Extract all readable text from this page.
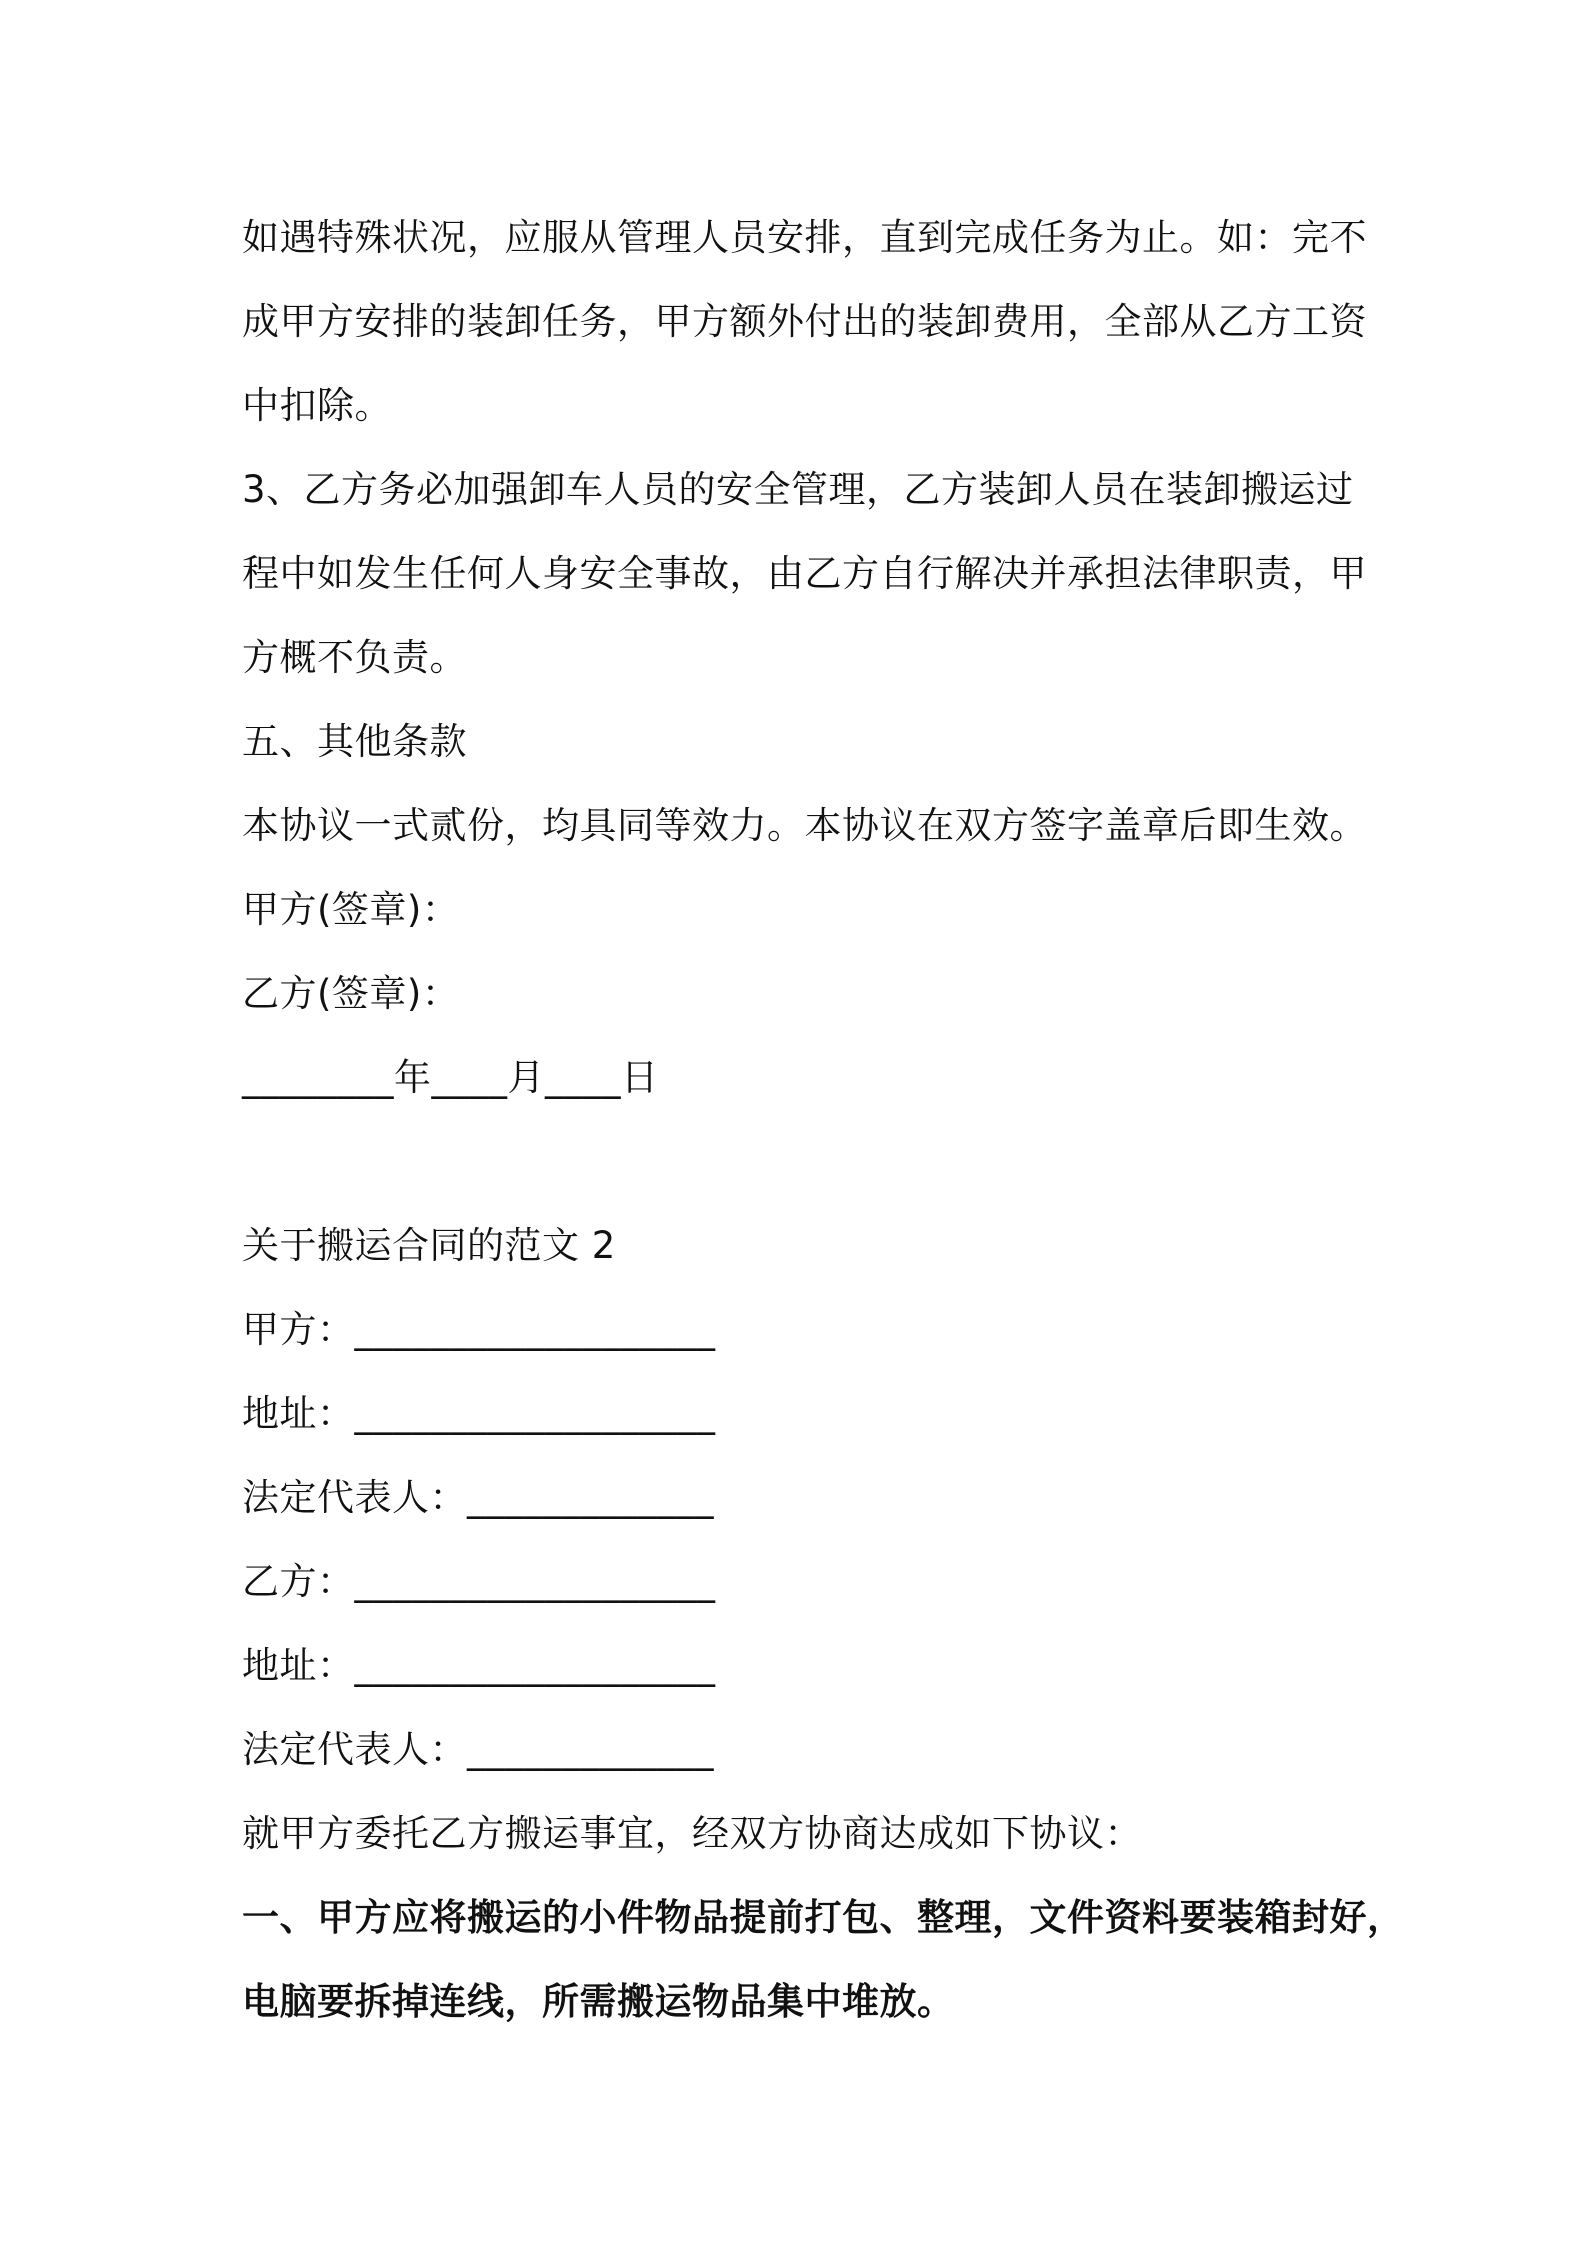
如遇特殊状况，应服从管理人员安排，直到完成任务为止。如：完不
成甲方安排的装卸任务，甲方额外付出的装卸费用，全部从乙方工资
中扣除。
3、乙方务必加强卸车人员的安全管理，乙方装卸人员在装卸搬运过
程中如发生任何人身安全事故，由乙方自行解决并承担法律职责，甲
方概不负责。
五、其他条款
本协议一式贰份，均具同等效力。本协议在双方签字盖章后即生效。
甲方(签章)：
乙方(签章)：
________年____月____日
关于搬运合同的范文 2
甲方：___________________
地址：___________________
法定代表人：_____________
乙方：___________________
地址：___________________
法定代表人：_____________
就甲方委托乙方搬运事宜，经双方协商达成如下协议：
一、甲方应将搬运的小件物品提前打包、整理，文件资料要装箱封好，
电脑要拆掉连线，所需搬运物品集中堆放。
